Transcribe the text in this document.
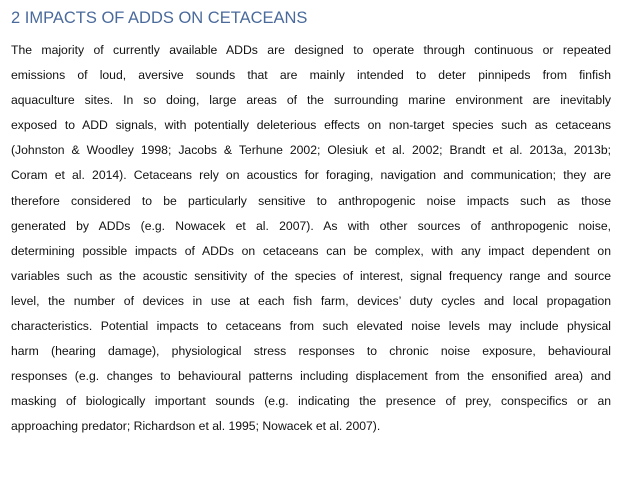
2 IMPACTS OF ADDS ON CETACEANS
The majority of currently available ADDs are designed to operate through continuous or repeated
emissions of loud, aversive sounds that are mainly intended to deter pinnipeds from finfish
aquaculture sites. In so doing, large areas of the surrounding marine environment are inevitably
exposed to ADD signals, with potentially deleterious effects on non-target species such as cetaceans
(Johnston & Woodley 1998; Jacobs & Terhune 2002; Olesiuk et al. 2002; Brandt et al. 2013a, 2013b;
Coram et al. 2014). Cetaceans rely on acoustics for foraging, navigation and communication; they are
therefore considered to be particularly sensitive to anthropogenic noise impacts such as those
generated by ADDs (e.g. Nowacek et al. 2007). As with other sources of anthropogenic noise,
determining possible impacts of ADDs on cetaceans can be complex, with any impact dependent on
variables such as the acoustic sensitivity of the species of interest, signal frequency range and source
level, the number of devices in use at each fish farm, devices’ duty cycles and local propagation
characteristics. Potential impacts to cetaceans from such elevated noise levels may include physical
harm (hearing damage), physiological stress responses to chronic noise exposure, behavioural
responses (e.g. changes to behavioural patterns including displacement from the ensonified area) and
masking of biologically important sounds (e.g. indicating the presence of prey, conspecifics or an
approaching predator; Richardson et al. 1995; Nowacek et al. 2007).
